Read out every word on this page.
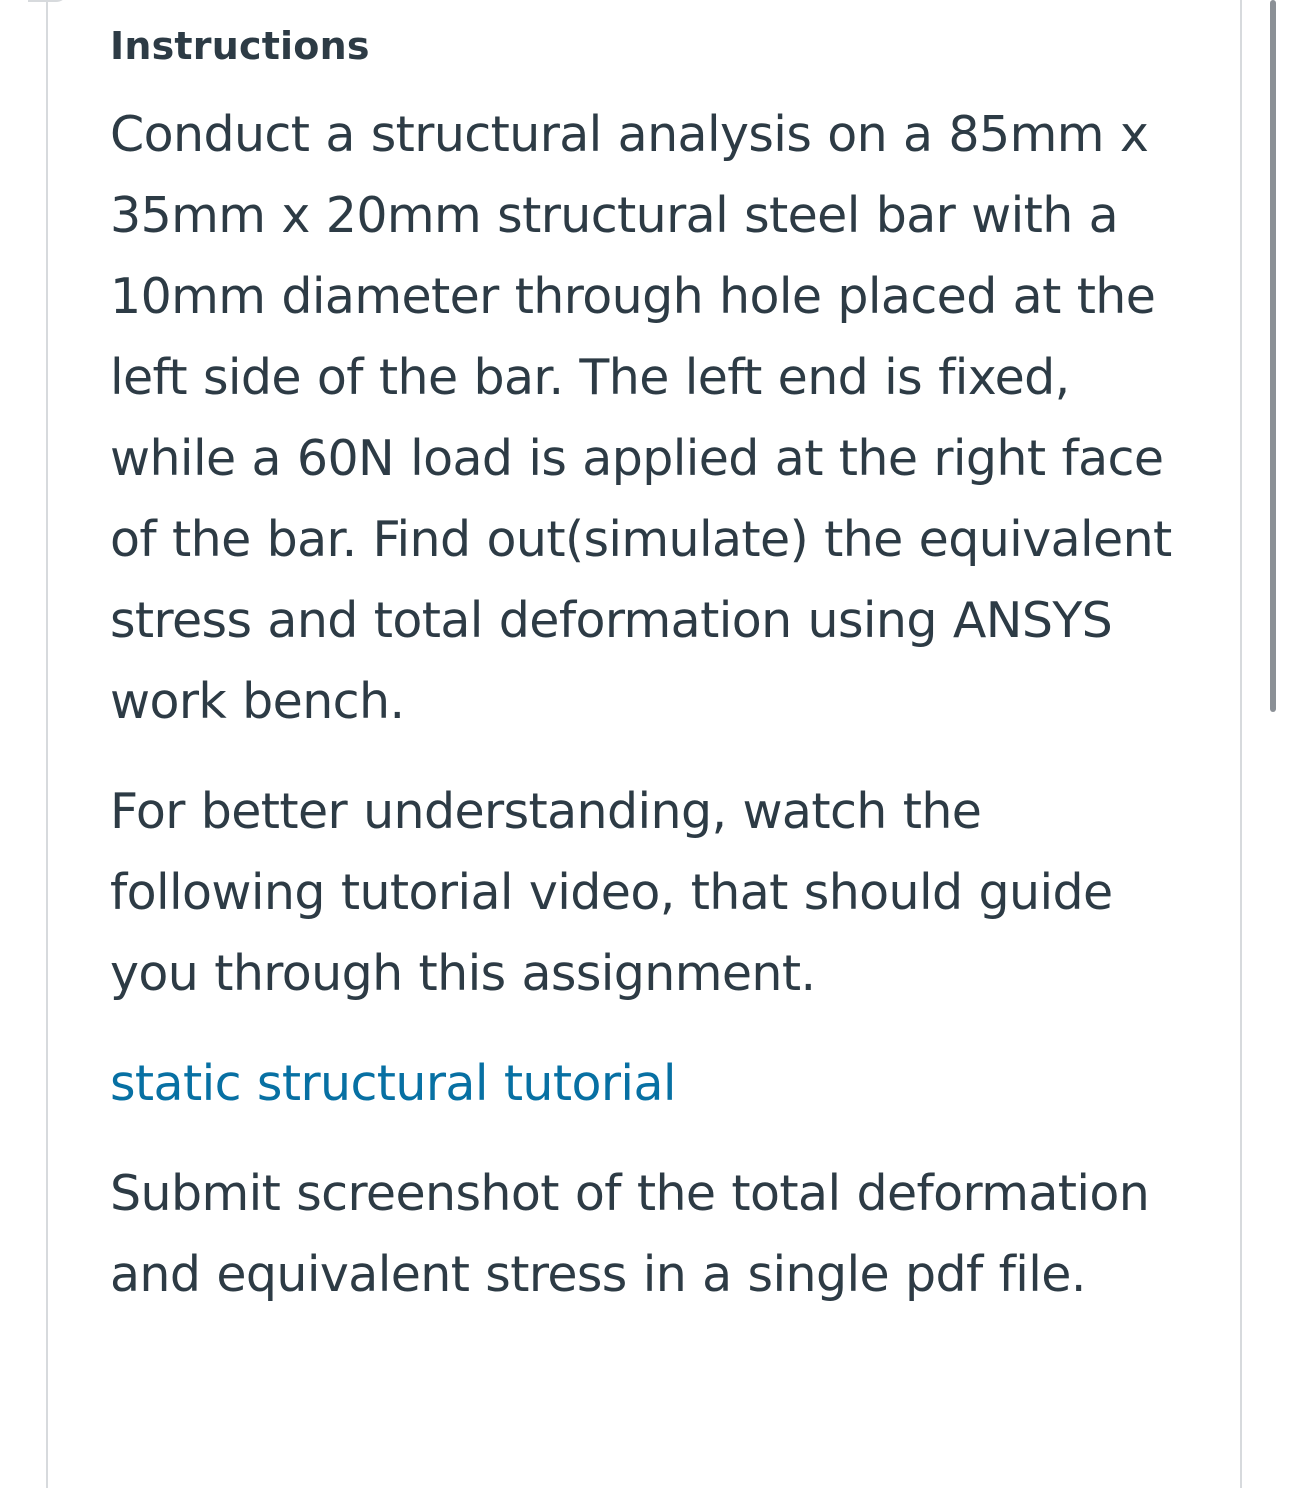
Instructions

Conduct a structural analysis on a 85mm x 35mm x 20mm structural steel bar with a 10mm diameter through hole placed at the left side of the bar. The left end is fixed, while a 60N load is applied at the right face of the bar. Find out(simulate) the equivalent stress and total deformation using ANSYS work bench.

For better understanding, watch the following tutorial video, that should guide you through this assignment.

static structural tutorial

Submit screenshot of the total deformation and equivalent stress in a single pdf file.
